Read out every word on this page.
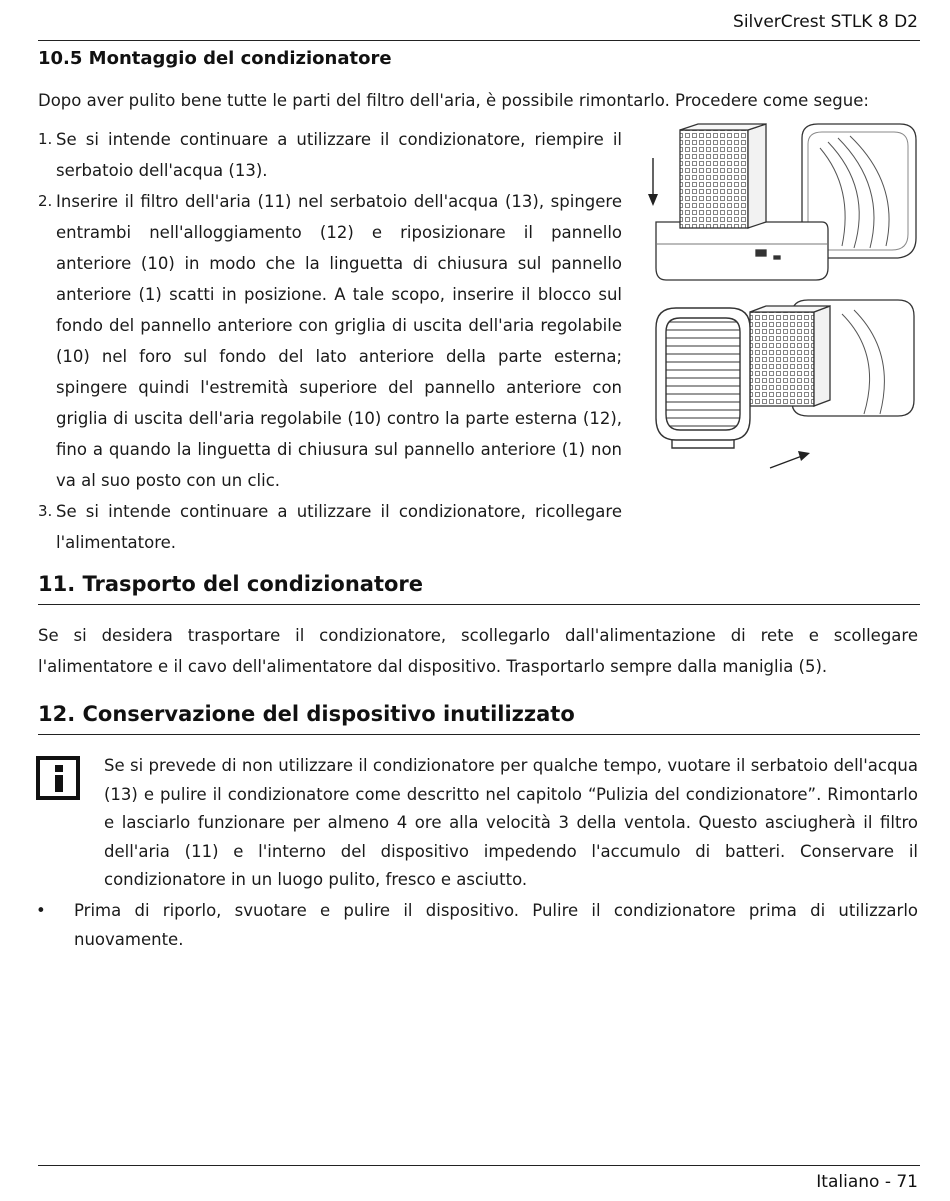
SilverCrest STLK 8 D2
10.5 Montaggio del condizionatore

Dopo aver pulito bene tutte le parti del filtro dell'aria, è possibile rimontarlo. Procedere come segue:

1. Se si intende continuare a utilizzare il condizionatore, riempire il serbatoio dell'acqua (13).
2. Inserire il filtro dell'aria (11) nel serbatoio dell'acqua (13), spingere entrambi nell'alloggiamento (12) e riposizionare il pannello anteriore (10) in modo che la linguetta di chiusura sul pannello anteriore (1) scatti in posizione. A tale scopo, inserire il blocco sul fondo del pannello anteriore con griglia di uscita dell'aria regolabile (10) nel foro sul fondo del lato anteriore della parte esterna; spingere quindi l'estremità superiore del pannello anteriore con griglia di uscita dell'aria regolabile (10) contro la parte esterna (12), fino a quando la linguetta di chiusura sul pannello anteriore (1) non va al suo posto con un clic.
3. Se si intende continuare a utilizzare il condizionatore, ricollegare l'alimentatore.
11. Trasporto del condizionatore

Se si desidera trasportare il condizionatore, scollegarlo dall'alimentazione di rete e scollegare l'alimentatore e il cavo dell'alimentatore dal dispositivo. Trasportarlo sempre dalla maniglia (5).

12. Conservazione del dispositivo inutilizzato

Se si prevede di non utilizzare il condizionatore per qualche tempo, vuotare il serbatoio dell'acqua (13) e pulire il condizionatore come descritto nel capitolo “Pulizia del condizionatore”. Rimontarlo e lasciarlo funzionare per almeno 4 ore alla velocità 3 della ventola. Questo asciugherà il filtro dell'aria (11) e l'interno del dispositivo impedendo l'accumulo di batteri. Conservare il condizionatore in un luogo pulito, fresco e asciutto.

•	Prima di riporlo, svuotare e pulire il dispositivo. Pulire il condizionatore prima di utilizzarlo nuovamente.

Italiano - 71
